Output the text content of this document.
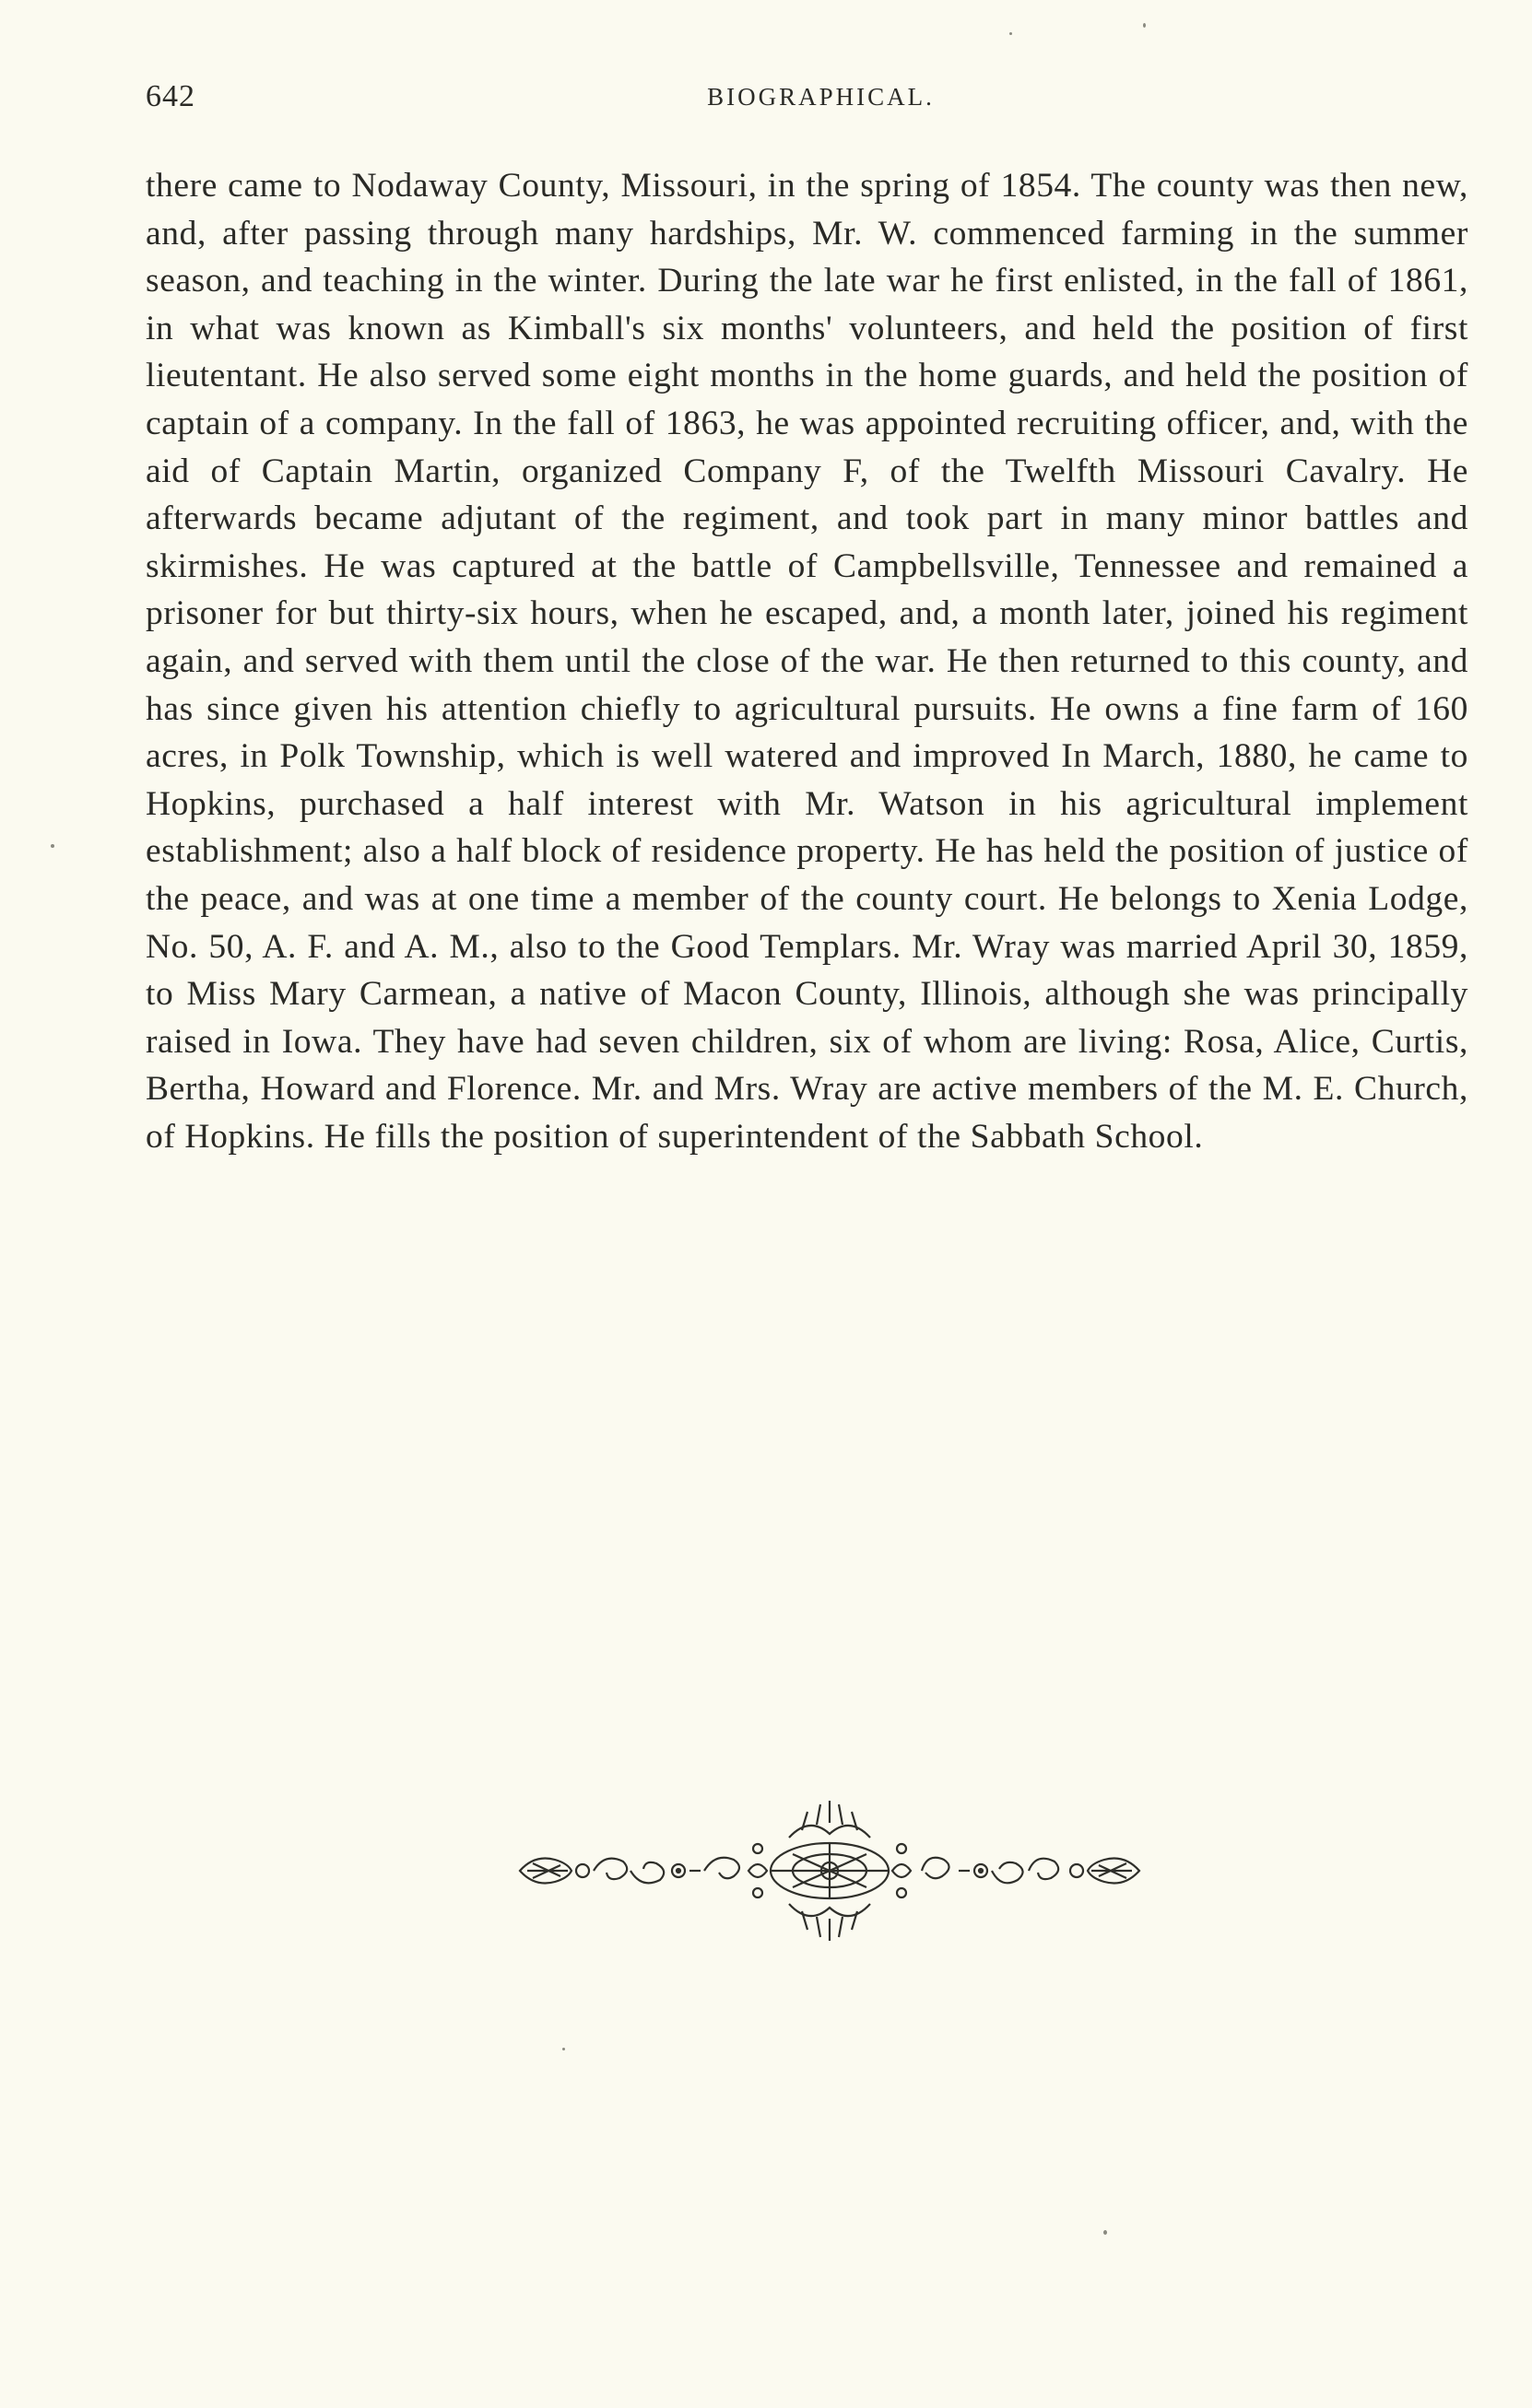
642	BIOGRAPHICAL.

there came to Nodaway County, Missouri, in the spring of 1854. The county was then new, and, after passing through many hardships, Mr. W. commenced farming in the summer season, and teaching in the winter. During the late war he first enlisted, in the fall of 1861, in what was known as Kimball's six months' volunteers, and held the position of first lieutentant. He also served some eight months in the home guards, and held the position of captain of a company. In the fall of 1863, he was appointed recruiting officer, and, with the aid of Captain Martin, organized Company F, of the Twelfth Missouri Cavalry. He afterwards became adjutant of the regiment, and took part in many minor battles and skirmishes. He was captured at the battle of Campbellsville, Tennessee and remained a prisoner for but thirty-six hours, when he escaped, and, a month later, joined his regiment again, and served with them until the close of the war. He then returned to this county, and has since given his attention chiefly to agricultural pursuits. He owns a fine farm of 160 acres, in Polk Township, which is well watered and improved In March, 1880, he came to Hopkins, purchased a half interest with Mr. Watson in his agricultural implement establishment; also a half block of residence property. He has held the position of justice of the peace, and was at one time a member of the county court. He belongs to Xenia Lodge, No. 50, A. F. and A. M., also to the Good Templars. Mr. Wray was married April 30, 1859, to Miss Mary Carmean, a native of Macon County, Illinois, although she was principally raised in Iowa. They have had seven children, six of whom are living: Rosa, Alice, Curtis, Bertha, Howard and Florence. Mr. and Mrs. Wray are active members of the M. E. Church, of Hopkins. He fills the position of superintendent of the Sabbath School.
